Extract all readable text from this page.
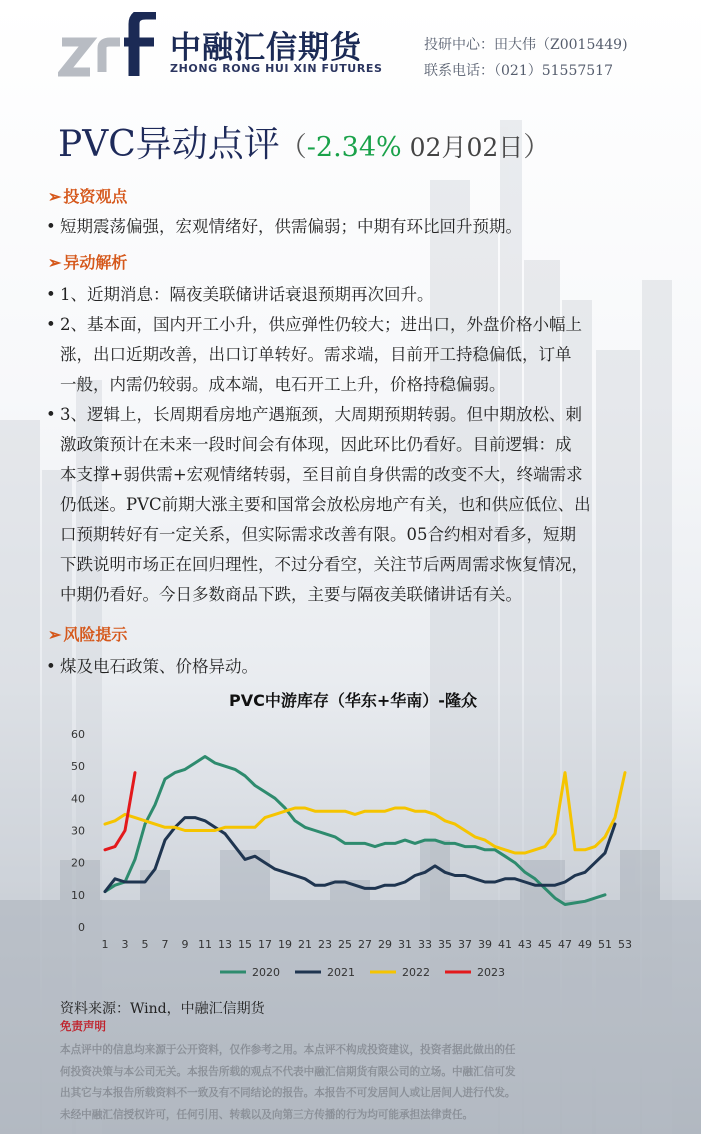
中融汇信期货
ZHONG RONG HUI XIN FUTURES
投研中心：田大伟（Z0015449)
联系电话：（021）51557517
PVC异动点评（-2.34% 02月02日）
➢ 投资观点
• 短期震荡偏强，宏观情绪好，供需偏弱；中期有环比回升预期。
➢ 异动解析
• 1、近期消息：隔夜美联储讲话衰退预期再次回升。
• 2、基本面，国内开工小升，供应弹性仍较大；进出口，外盘价格小幅上
涨，出口近期改善，出口订单转好。需求端，目前开工持稳偏低，订单
一般，内需仍较弱。成本端，电石开工上升，价格持稳偏弱。
• 3、逻辑上，长周期看房地产遇瓶颈，大周期预期转弱。但中期放松、刺
激政策预计在未来一段时间会有体现，因此环比仍看好。目前逻辑：成
本支撑+弱供需+宏观情绪转弱，至目前自身供需的改变不大，终端需求
仍低迷。PVC前期大涨主要和国常会放松房地产有关，也和供应低位、出
口预期转好有一定关系，但实际需求改善有限。05合约相对看多，短期
下跌说明市场正在回归理性，不过分看空，关注节后两周需求恢复情况，
中期仍看好。今日多数商品下跌，主要与隔夜美联储讲话有关。
➢ 风险提示
• 煤及电石政策、价格异动。
PVC中游库存（华东+华南）-隆众
0
10
20
30
40
50
60
1 3 5 7 9 11 13 15 17 19 21 23 25 27 29 31 33 35 37 39 41 43 45 47 49 51 53
2020	2021	2022	2023
资料来源：Wind，中融汇信期货
免责声明
本点评中的信息均来源于公开资料，仅作参考之用。本点评不构成投资建议，投资者据此做出的任
何投资决策与本公司无关。本报告所载的观点不代表中融汇信期货有限公司的立场。中融汇信可发
出其它与本报告所载资料不一致及有不同结论的报告。本报告不可发居间人或让居间人进行代发。
未经中融汇信授权许可，任何引用、转载以及向第三方传播的行为均可能承担法律责任。
